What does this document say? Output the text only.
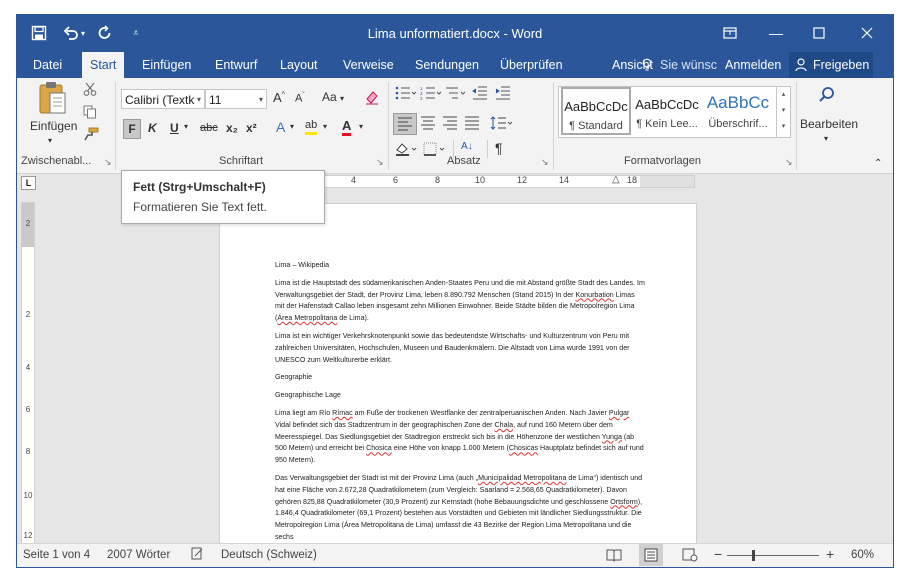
▾	⩡	Lima unformatiert.docx - Word	—
Datei	Start	Einfügen	Entwurf	Layout	Verweise	Sendungen	Überprüfen	Ansicht Sie wünsc Anmelden	Freigeben
Einfügen
▾
Zwischenabl... ↘
Calibri (Textk ▾ 11	▾ A^ $A^ˇ$ Aa ▾
F	K U ▾ abc x₂ x² A ▾ ab ▾ A ▾
Schriftart	↘
1
2
3
A↓ ¶
Absatz	↘
AaBbCcDc
¶ Standard
AaBbCcDc
¶ Kein Lee...
AaBbCc
Überschrif...
▴
▾
▾
Formatvorlagen	↘
Bearbeiten
▾
⌃
L	4	6	8	10	12	14	△ 18
2
2
4
6
8
10
12

Lima – Wikipedia

Lima ist die Hauptstadt des südamerikanischen Anden-Staates Peru und die mit Abstand größte Stadt des Landes. Im Verwaltungsgebiet der Stadt, der Provinz Lima, leben 8.890.792 Menschen (Stand 2015) In der Konurbation Limas mit der Hafenstadt Callao leben insgesamt zehn Millionen Einwohner. Beide Städte bilden die Metropolregion Lima (Área Metropolitana de Lima).

Lima ist ein wichtiger Verkehrsknotenpunkt sowie das bedeutendste Wirtschafts- und Kulturzentrum von Peru mit zahlreichen Universitäten, Hochschulen, Museen und Baudenkmälern. Die Altstadt von Lima wurde 1991 von der UNESCO zum Weltkulturerbe erklärt.

Geographie

Geographische Lage

Lima liegt am Río Rímac am Fuße der trockenen Westflanke der zentralperuanischen Anden. Nach Javier Pulgar Vidal befindet sich das Stadtzentrum in der geographischen Zone der Chala, auf rund 160 Metern über dem Meeresspiegel. Das Siedlungsgebiet der Stadtregion erstreckt sich bis in die Höhenzone der westlichen Yunga (ab 500 Metern) und erreicht bei Chosica eine Höhe von knapp 1.000 Metern (Chosicas Hauptplatz befindet sich auf rund 950 Metern).

Das Verwaltungsgebiet der Stadt ist mit der Provinz Lima (auch „Municipalidad Metropolitana de Lima“) identisch und hat eine Fläche von 2.672,28 Quadratkilometern (zum Vergleich: Saarland = 2.568,65 Quadratkilometer). Davon gehören 825,88 Quadratkilometer (30,9 Prozent) zur Kernstadt (hohe Bebauungsdichte und geschlossene Ortsform), 1.846,4 Quadratkilometer (69,1 Prozent) bestehen aus Vorstädten und Gebieten mit ländlicher Siedlungsstruktur. Die Metropolregion Lima (Área Metropolitana de Lima) umfasst die 43 Bezirke der Region Lima Metropolitana und die sechs

Fett (Strg+Umschalt+F)
Formatieren Sie Text fett.
Seite 1 von 4 2007 Wörter	Deutsch (Schweiz)	−	+ 60%
